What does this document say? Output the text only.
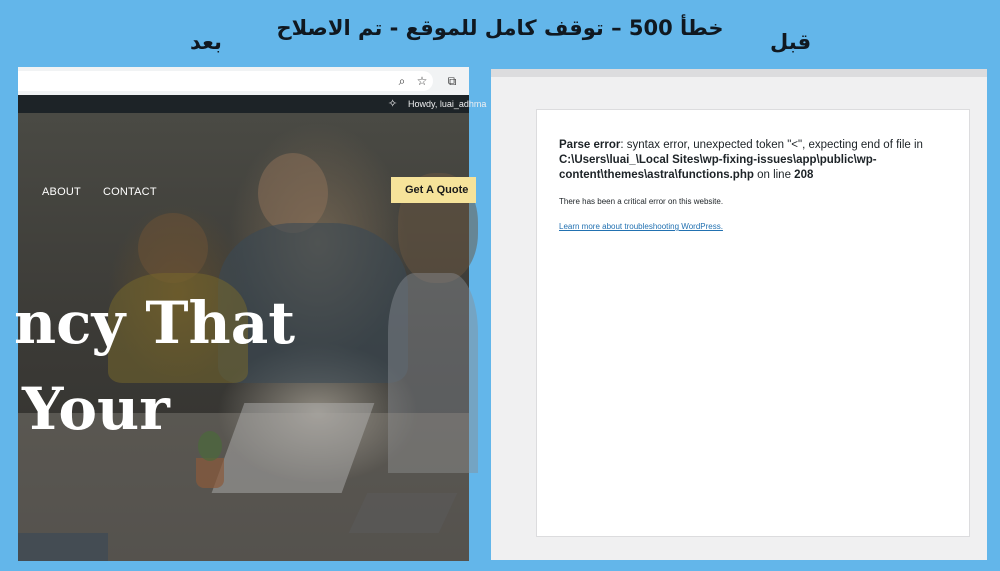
خطأ 500 – توقف كامل للموقع - تم الاصلاح
بعد	قبل
⌕ ☆	⧉
✧	Howdy, luai_adhma
ABOUT CONTACT	Get A Quote
ncy That
Your
Parse error: syntax error, unexpected token "<", expecting end of file in C:\Users\luai_\Local Sites\wp-fixing-issues\app\public\wp-content\themes\astra\functions.php on line 208
There has been a critical error on this website.
Learn more about troubleshooting WordPress.
